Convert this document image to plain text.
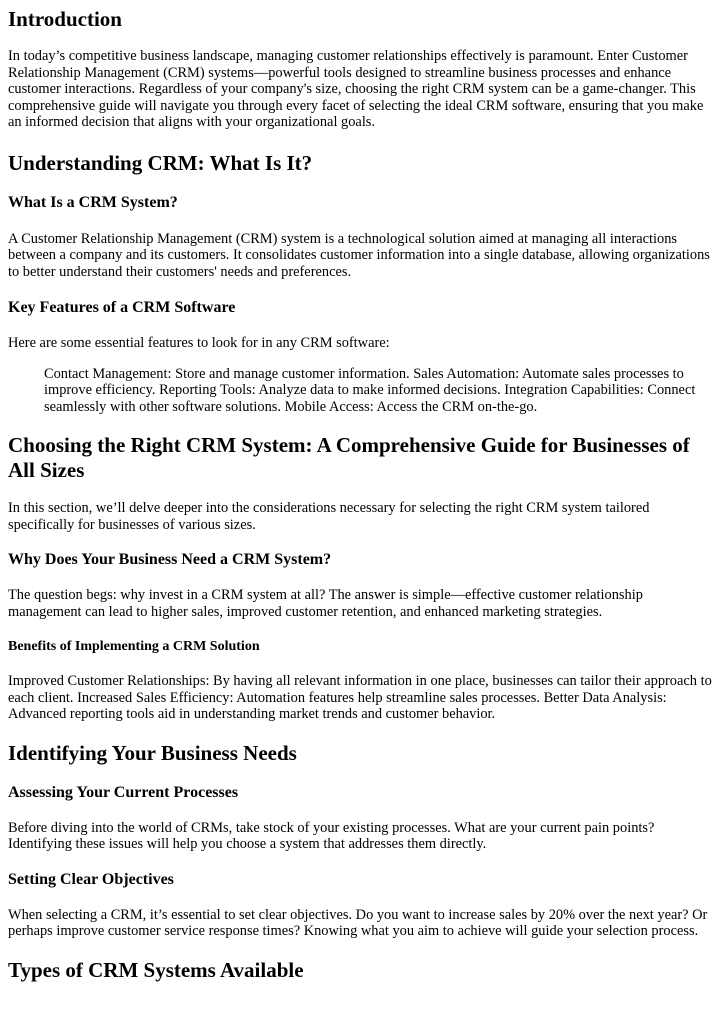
Introduction

In today’s competitive business landscape, managing customer relationships effectively is paramount. Enter Customer Relationship Management (CRM) systems—powerful tools designed to streamline business processes and enhance customer interactions. Regardless of your company's size, choosing the right CRM system can be a game-changer. This comprehensive guide will navigate you through every facet of selecting the ideal CRM software, ensuring that you make an informed decision that aligns with your organizational goals.

Understanding CRM: What Is It?
What Is a CRM System?

A Customer Relationship Management (CRM) system is a technological solution aimed at managing all interactions between a company and its customers. It consolidates customer information into a single database, allowing organizations to better understand their customers' needs and preferences.

Key Features of a CRM Software

Here are some essential features to look for in any CRM software:

Contact Management: Store and manage customer information. Sales Automation: Automate sales processes to improve efficiency. Reporting Tools: Analyze data to make informed decisions. Integration Capabilities: Connect seamlessly with other software solutions. Mobile Access: Access the CRM on-the-go.
Choosing the Right CRM System: A Comprehensive Guide for Businesses of All Sizes

In this section, we’ll delve deeper into the considerations necessary for selecting the right CRM system tailored specifically for businesses of various sizes.

Why Does Your Business Need a CRM System?

The question begs: why invest in a CRM system at all? The answer is simple—effective customer relationship management can lead to higher sales, improved customer retention, and enhanced marketing strategies.

Benefits of Implementing a CRM Solution

Improved Customer Relationships: By having all relevant information in one place, businesses can tailor their approach to each client. Increased Sales Efficiency: Automation features help streamline sales processes. Better Data Analysis: Advanced reporting tools aid in understanding market trends and customer behavior.

Identifying Your Business Needs
Assessing Your Current Processes

Before diving into the world of CRMs, take stock of your existing processes. What are your current pain points? Identifying these issues will help you choose a system that addresses them directly.

Setting Clear Objectives

When selecting a CRM, it’s essential to set clear objectives. Do you want to increase sales by 20% over the next year? Or perhaps improve customer service response times? Knowing what you aim to achieve will guide your selection process.

Types of CRM Systems Available
